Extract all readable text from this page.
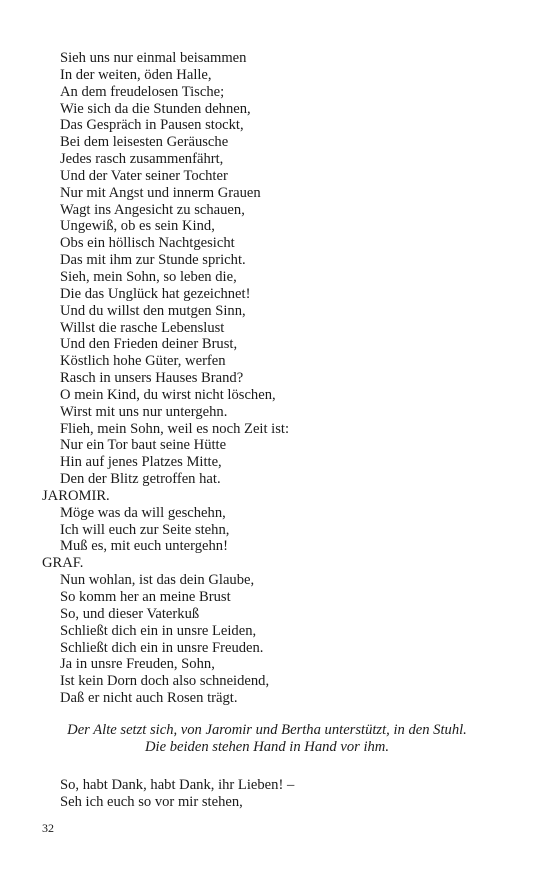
Sieh uns nur einmal beisammen
In der weiten, öden Halle,
An dem freudelosen Tische;
Wie sich da die Stunden dehnen,
Das Gespräch in Pausen stockt,
Bei dem leisesten Geräusche
Jedes rasch zusammenfährt,
Und der Vater seiner Tochter
Nur mit Angst und innerm Grauen
Wagt ins Angesicht zu schauen,
Ungewiß, ob es sein Kind,
Obs ein höllisch Nachtgesicht
Das mit ihm zur Stunde spricht.
Sieh, mein Sohn, so leben die,
Die das Unglück hat gezeichnet!
Und du willst den mutgen Sinn,
Willst die rasche Lebenslust
Und den Frieden deiner Brust,
Köstlich hohe Güter, werfen
Rasch in unsers Hauses Brand?
O mein Kind, du wirst nicht löschen,
Wirst mit uns nur untergehn.
Flieh, mein Sohn, weil es noch Zeit ist:
Nur ein Tor baut seine Hütte
Hin auf jenes Platzes Mitte,
Den der Blitz getroffen hat.
JAROMIR.
Möge was da will geschehn,
Ich will euch zur Seite stehn,
Muß es, mit euch untergehn!
GRAF.
Nun wohlan, ist das dein Glaube,
So komm her an meine Brust
So, und dieser Vaterkuß
Schließt dich ein in unsre Leiden,
Schließt dich ein in unsre Freuden.
Ja in unsre Freuden, Sohn,
Ist kein Dorn doch also schneidend,
Daß er nicht auch Rosen trägt.
Der Alte setzt sich, von Jaromir und Bertha unterstützt, in den Stuhl.
Die beiden stehen Hand in Hand vor ihm.
So, habt Dank, habt Dank, ihr Lieben! –
Seh ich euch so vor mir stehen,
32
